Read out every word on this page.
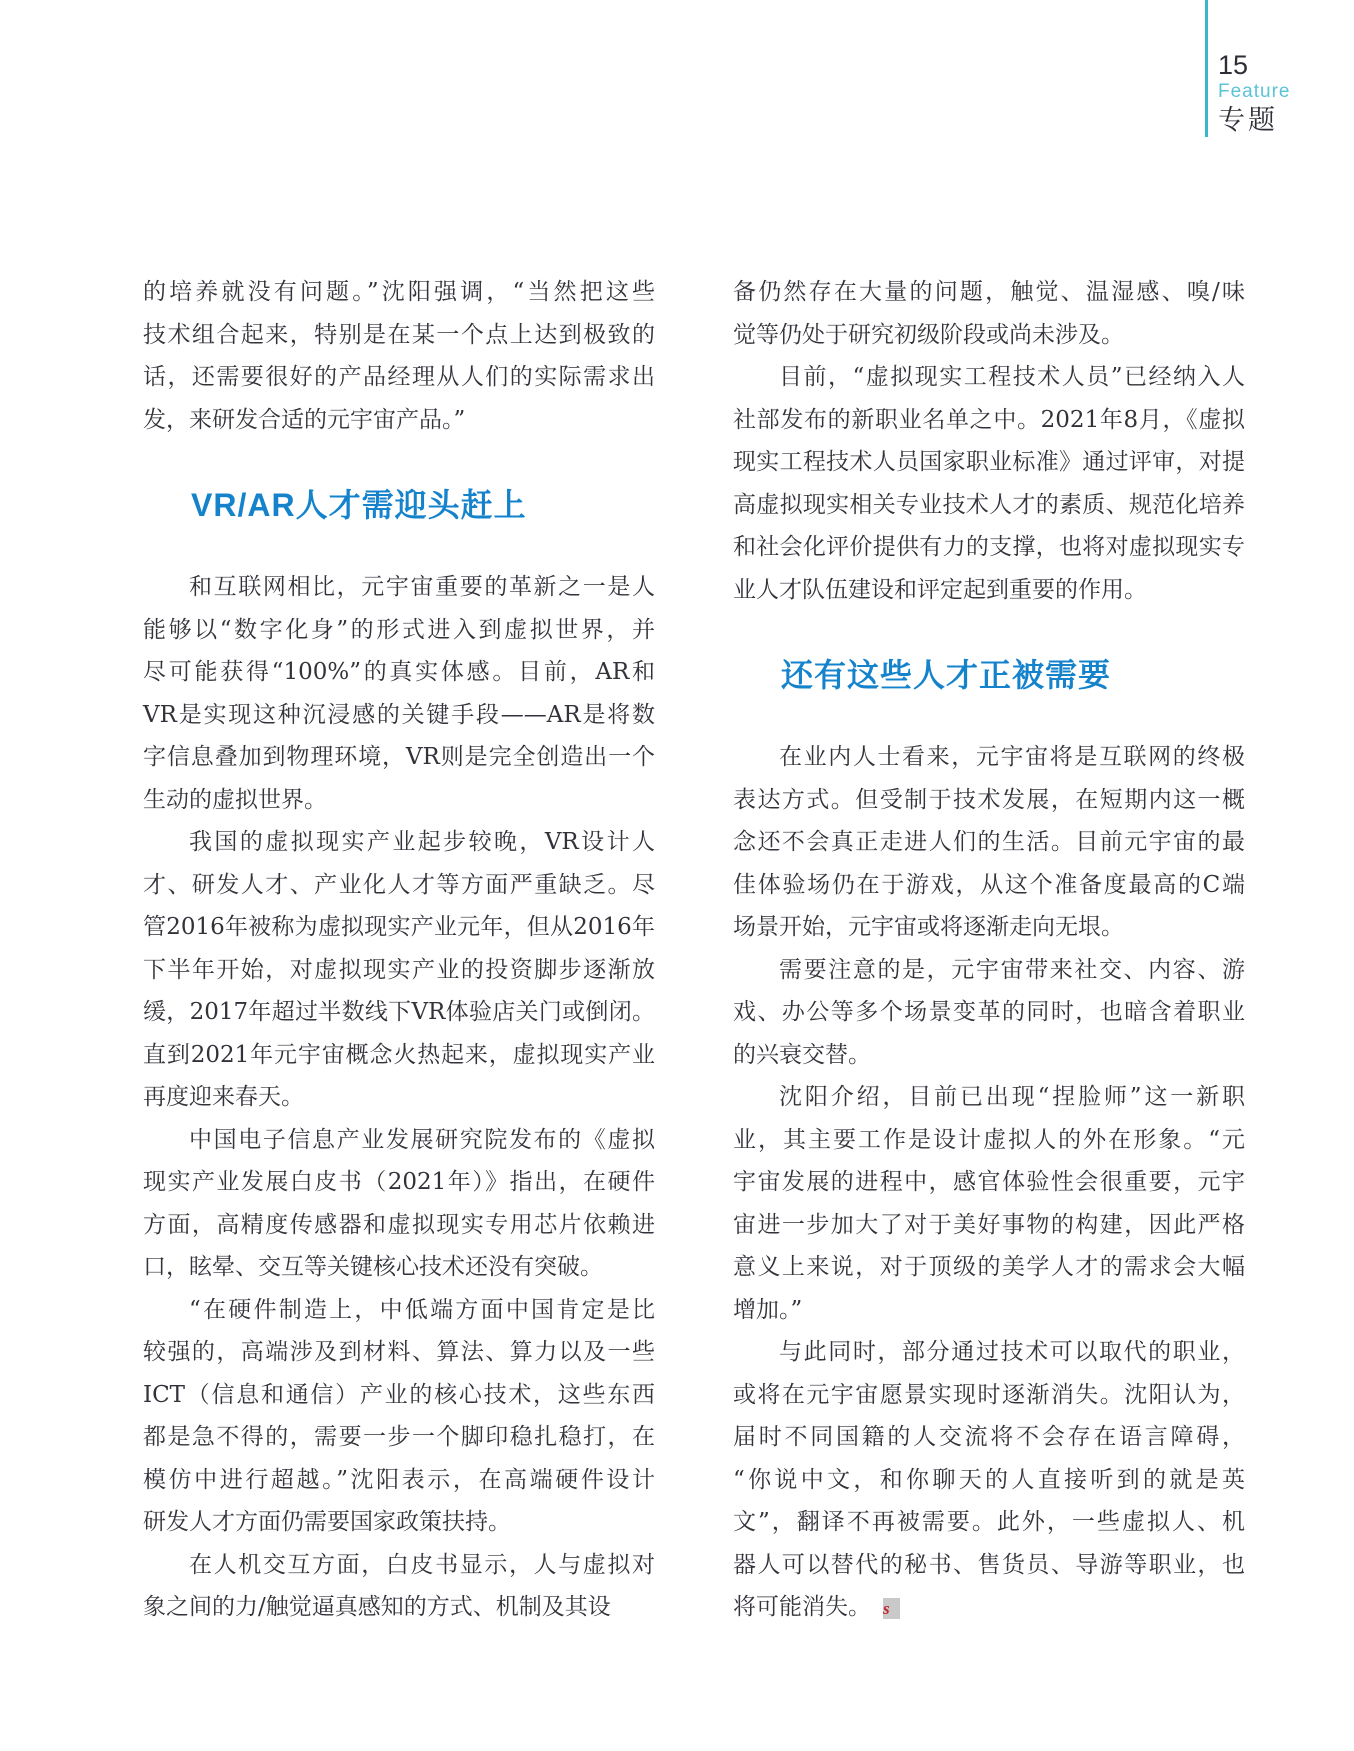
15
Feature
专题
的培养就没有问题。”沈阳强调，“当然把这些
技术组合起来，特别是在某一个点上达到极致的
话，还需要很好的产品经理从人们的实际需求出
发，来研发合适的元宇宙产品。”
VR/AR人才需迎头赶上
和互联网相比，元宇宙重要的革新之一是人
能够以“数字化身”的形式进入到虚拟世界，并
尽可能获得“100%”的真实体感。目前，AR和
VR是实现这种沉浸感的关键手段——AR是将数
字信息叠加到物理环境，VR则是完全创造出一个
生动的虚拟世界。
我国的虚拟现实产业起步较晚，VR设计人
才、研发人才、产业化人才等方面严重缺乏。尽
管2016年被称为虚拟现实产业元年，但从2016年
下半年开始，对虚拟现实产业的投资脚步逐渐放
缓，2017年超过半数线下VR体验店关门或倒闭。
直到2021年元宇宙概念火热起来，虚拟现实产业
再度迎来春天。
中国电子信息产业发展研究院发布的《虚拟
现实产业发展白皮书（2021年）》指出，在硬件
方面，高精度传感器和虚拟现实专用芯片依赖进
口，眩晕、交互等关键核心技术还没有突破。
“在硬件制造上，中低端方面中国肯定是比
较强的，高端涉及到材料、算法、算力以及一些
ICT（信息和通信）产业的核心技术，这些东西
都是急不得的，需要一步一个脚印稳扎稳打，在
模仿中进行超越。”沈阳表示，在高端硬件设计
研发人才方面仍需要国家政策扶持。
在人机交互方面，白皮书显示，人与虚拟对
象之间的力/触觉逼真感知的方式、机制及其设
备仍然存在大量的问题，触觉、温湿感、嗅/味
觉等仍处于研究初级阶段或尚未涉及。
目前，“虚拟现实工程技术人员”已经纳入人
社部发布的新职业名单之中。2021年8月，《虚拟
现实工程技术人员国家职业标准》通过评审，对提
高虚拟现实相关专业技术人才的素质、规范化培养
和社会化评价提供有力的支撑，也将对虚拟现实专
业人才队伍建设和评定起到重要的作用。
还有这些人才正被需要
在业内人士看来，元宇宙将是互联网的终极
表达方式。但受制于技术发展，在短期内这一概
念还不会真正走进人们的生活。目前元宇宙的最
佳体验场仍在于游戏，从这个准备度最高的C端
场景开始，元宇宙或将逐渐走向无垠。
需要注意的是，元宇宙带来社交、内容、游
戏、办公等多个场景变革的同时，也暗含着职业
的兴衰交替。
沈阳介绍，目前已出现“捏脸师”这一新职
业，其主要工作是设计虚拟人的外在形象。“元
宇宙发展的进程中，感官体验性会很重要，元宇
宙进一步加大了对于美好事物的构建，因此严格
意义上来说，对于顶级的美学人才的需求会大幅
增加。”
与此同时，部分通过技术可以取代的职业，
或将在元宇宙愿景实现时逐渐消失。沈阳认为，
届时不同国籍的人交流将不会存在语言障碍，
“你说中文，和你聊天的人直接听到的就是英
文”，翻译不再被需要。此外，一些虚拟人、机
器人可以替代的秘书、售货员、导游等职业，也
将可能消失。 s
